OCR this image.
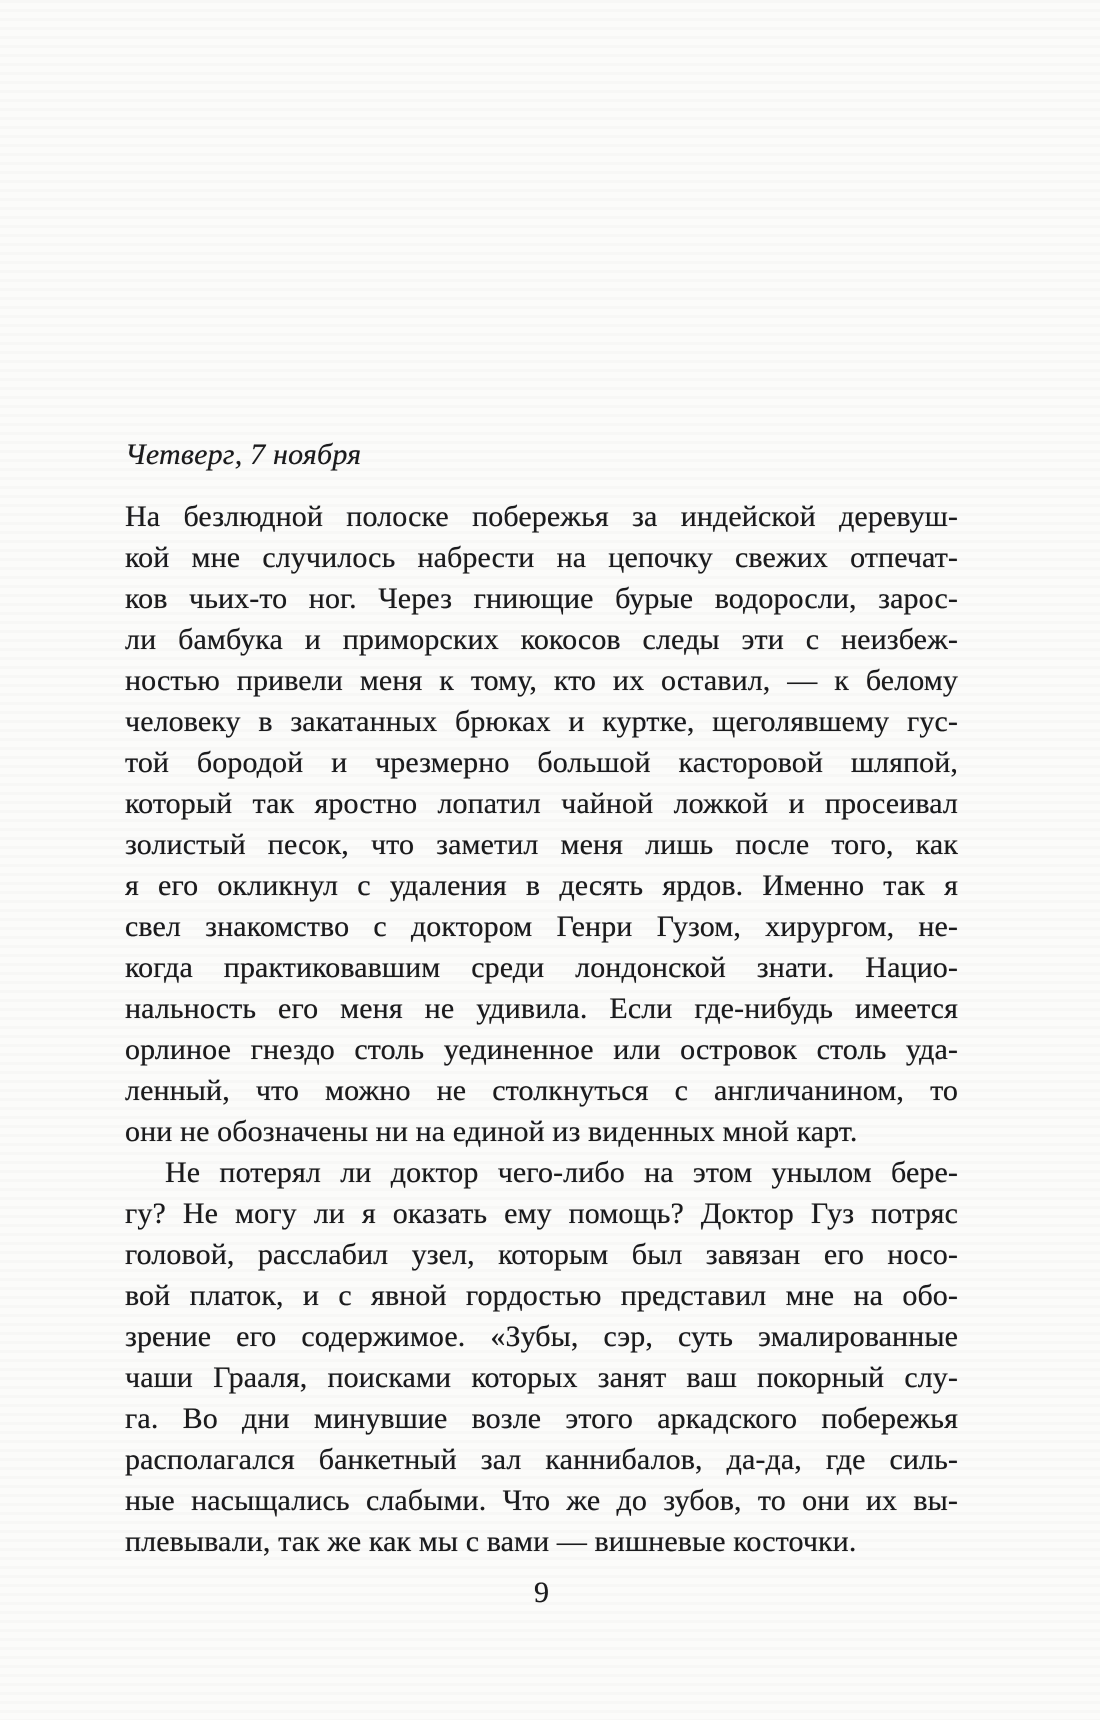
Четверг, 7 ноября
На безлюдной полоске побережья за индейской деревуш-
кой мне случилось набрести на цепочку свежих отпечат-
ков чьих-то ног. Через гниющие бурые водоросли, зарос-
ли бамбука и приморских кокосов следы эти с неизбеж-
ностью привели меня к тому, кто их оставил, — к белому
человеку в закатанных брюках и куртке, щеголявшему гус-
той бородой и чрезмерно большой касторовой шляпой,
который так яростно лопатил чайной ложкой и просеивал
золистый песок, что заметил меня лишь после того, как
я его окликнул с удаления в десять ярдов. Именно так я
свел знакомство с доктором Генри Гузом, хирургом, не-
когда практиковавшим среди лондонской знати. Нацио-
нальность его меня не удивила. Если где-нибудь имеется
орлиное гнездо столь уединенное или островок столь уда-
ленный, что можно не столкнуться с англичанином, то
они не обозначены ни на единой из виденных мной карт.
Не потерял ли доктор чего-либо на этом унылом бере-
гу? Не могу ли я оказать ему помощь? Доктор Гуз потряс
головой, расслабил узел, которым был завязан его носо-
вой платок, и с явной гордостью представил мне на обо-
зрение его содержимое. «Зубы, сэр, суть эмалированные
чаши Грааля, поисками которых занят ваш покорный слу-
га. Во дни минувшие возле этого аркадского побережья
располагался банкетный зал каннибалов, да-да, где силь-
ные насыщались слабыми. Что же до зубов, то они их вы-
плевывали, так же как мы с вами — вишневые косточки.
9
